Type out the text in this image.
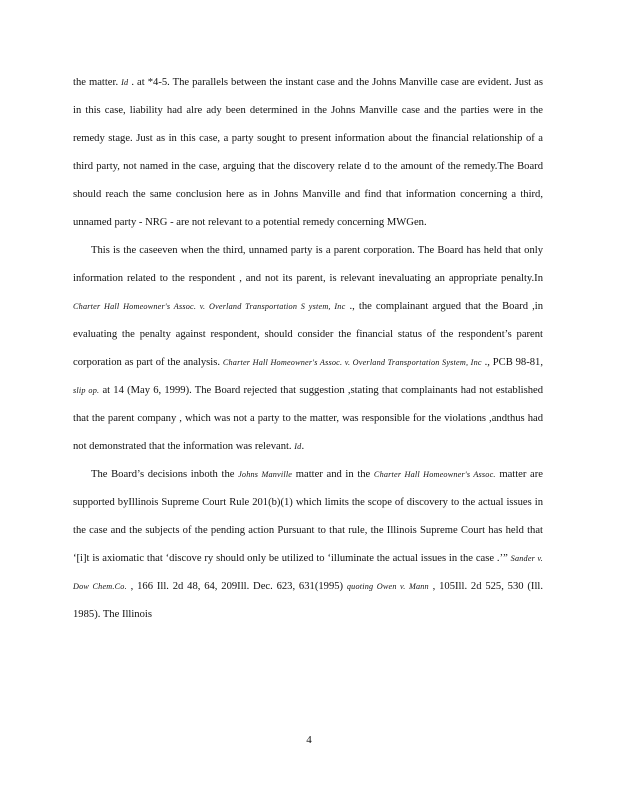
the matter. Id . at *4-5. The parallels between the instant case and the Johns Manville case are evident. Just as in this case, liability had alre ady been determined in the Johns Manville case and the parties were in the remedy stage. Just as in this case, a party sought to present information about the financial relationship of a third party, not named in the case, arguing that the discovery relate d to the amount of the remedy.The Board should reach the same conclusion here as in Johns Manville and find that information concerning a third, unnamed party - NRG - are not relevant to a potential remedy concerning MWGen.

This is the caseeven when the third, unnamed party is a parent corporation. The Board has held that only information related to the respondent , and not its parent, is relevant inevaluating an appropriate penalty.In Charter Hall Homeowner's Assoc. v. Overland Transportation S ystem, Inc ., the complainant argued that the Board ,in evaluating the penalty against respondent, should consider the financial status of the respondent’s parent corporation as part of the analysis. Charter Hall Homeowner's Assoc. v. Overland Transportation System, Inc ., PCB 98-81, slip op. at 14 (May 6, 1999). The Board rejected that suggestion ,stating that complainants had not established that the parent company , which was not a party to the matter, was responsible for the violations ,andthus had not demonstrated that the information was relevant. Id.

The Board’s decisions inboth the Johns Manville matter and in the Charter Hall Homeowner's Assoc. matter are supported byIllinois Supreme Court Rule 201(b)(1) which limits the scope of discovery to the actual issues in the case and the subjects of the pending action Pursuant to that rule, the Illinois Supreme Court has held that ‘[i]t is axiomatic that ‘discove ry should only be utilized to ‘illuminate the actual issues in the case .’” Sander v. Dow Chem.Co. , 166 Ill. 2d 48, 64, 209Ill. Dec. 623, 631(1995) quoting Owen v. Mann , 105Ill. 2d 525, 530 (Ill. 1985). The Illinois

4
